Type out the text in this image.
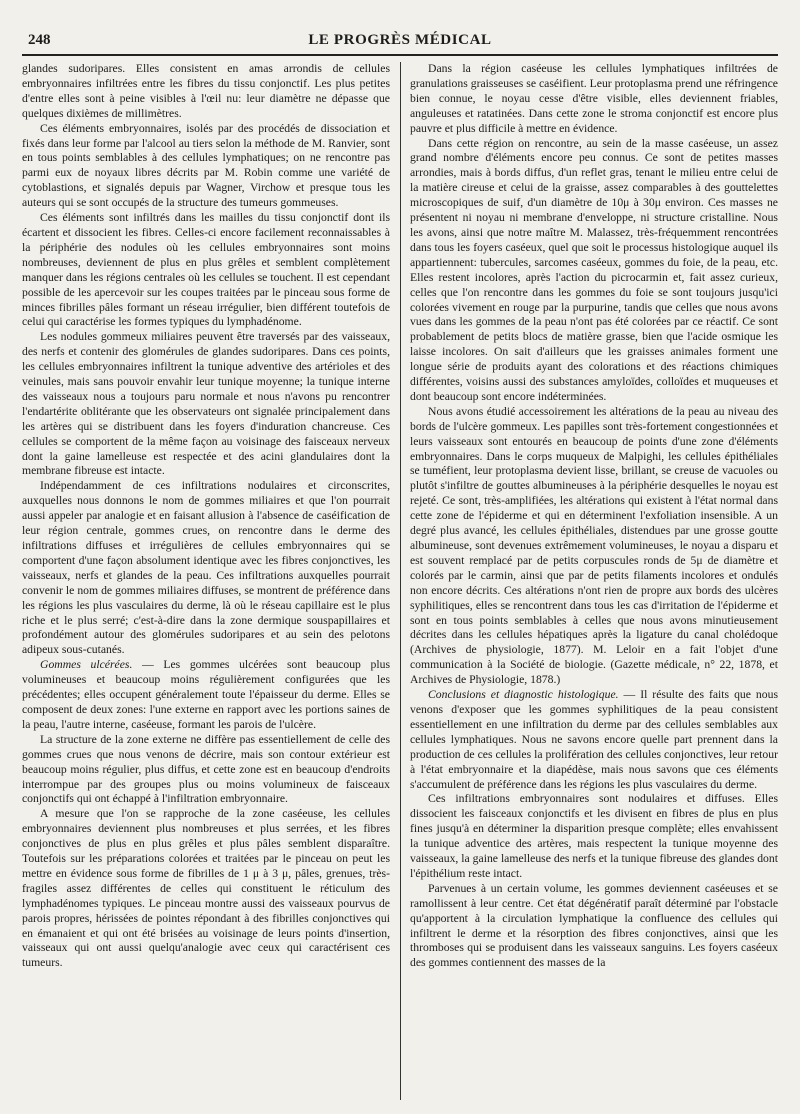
248	LE PROGRÈS MÉDICAL

glandes sudoripares. Elles consistent en amas arrondis de cellules embryonnaires infiltrées entre les fibres du tissu conjonctif. Les plus petites d'entre elles sont à peine visibles à l'œil nu: leur diamètre ne dépasse que quelques dixièmes de millimètres.

Ces éléments embryonnaires, isolés par des procédés de dissociation et fixés dans leur forme par l'alcool au tiers selon la méthode de M. Ranvier, sont en tous points semblables à des cellules lymphatiques; on ne rencontre pas parmi eux de noyaux libres décrits par M. Robin comme une variété de cytoblastions, et signalés depuis par Wagner, Virchow et presque tous les auteurs qui se sont occupés de la structure des tumeurs gommeuses.

Ces éléments sont infiltrés dans les mailles du tissu conjonctif dont ils écartent et dissocient les fibres. Celles-ci encore facilement reconnaissables à la périphérie des nodules où les cellules embryonnaires sont moins nombreuses, deviennent de plus en plus grêles et semblent complètement manquer dans les régions centrales où les cellules se touchent. Il est cependant possible de les apercevoir sur les coupes traitées par le pinceau sous forme de minces fibrilles pâles formant un réseau irrégulier, bien différent toutefois de celui qui caractérise les formes typiques du lymphadénome.

Les nodules gommeux miliaires peuvent être traversés par des vaisseaux, des nerfs et contenir des glomérules de glandes sudoripares. Dans ces points, les cellules embryonnaires infiltrent la tunique adventive des artérioles et des veinules, mais sans pouvoir envahir leur tunique moyenne; la tunique interne des vaisseaux nous a toujours paru normale et nous n'avons pu rencontrer l'endartérite oblitérante que les observateurs ont signalée principalement dans les artères qui se distribuent dans les foyers d'induration chancreuse. Ces cellules se comportent de la même façon au voisinage des faisceaux nerveux dont la gaine lamelleuse est respectée et des acini glandulaires dont la membrane fibreuse est intacte.

Indépendamment de ces infiltrations nodulaires et circonscrites, auxquelles nous donnons le nom de gommes miliaires et que l'on pourrait aussi appeler par analogie et en faisant allusion à l'absence de caséification de leur région centrale, gommes crues, on rencontre dans le derme des infiltrations diffuses et irrégulières de cellules embryonnaires qui se comportent d'une façon absolument identique avec les fibres conjonctives, les vaisseaux, nerfs et glandes de la peau. Ces infiltrations auxquelles pourrait convenir le nom de gommes miliaires diffuses, se montrent de préférence dans les régions les plus vasculaires du derme, là où le réseau capillaire est le plus riche et le plus serré; c'est-à-dire dans la zone dermique souspapillaires et profondément autour des glomérules sudoripares et au sein des pelotons adipeux sous-cutanés.

Gommes ulcérées. — Les gommes ulcérées sont beaucoup plus volumineuses et beaucoup moins régulièrement configurées que les précédentes; elles occupent généralement toute l'épaisseur du derme. Elles se composent de deux zones: l'une externe en rapport avec les portions saines de la peau, l'autre interne, caséeuse, formant les parois de l'ulcère.

La structure de la zone externe ne diffère pas essentiellement de celle des gommes crues que nous venons de décrire, mais son contour extérieur est beaucoup moins régulier, plus diffus, et cette zone est en beaucoup d'endroits interrompue par des groupes plus ou moins volumineux de faisceaux conjonctifs qui ont échappé à l'infiltration embryonnaire.

A mesure que l'on se rapproche de la zone caséeuse, les cellules embryonnaires deviennent plus nombreuses et plus serrées, et les fibres conjonctives de plus en plus grêles et plus pâles semblent disparaître. Toutefois sur les préparations colorées et traitées par le pinceau on peut les mettre en évidence sous forme de fibrilles de 1 μ à 3 μ, pâles, grenues, très-fragiles assez différentes de celles qui constituent le réticulum des lymphadénomes typiques. Le pinceau montre aussi des vaisseaux pourvus de parois propres, hérissées de pointes répondant à des fibrilles conjonctives qui en émanaient et qui ont été brisées au voisinage de leurs points d'insertion, vaisseaux qui ont aussi quelqu'analogie avec ceux qui caractérisent ces tumeurs.

Dans la région caséeuse les cellules lymphatiques infiltrées de granulations graisseuses se caséifient. Leur protoplasma prend une réfringence bien connue, le noyau cesse d'être visible, elles deviennent friables, anguleuses et ratatinées. Dans cette zone le stroma conjonctif est encore plus pauvre et plus difficile à mettre en évidence.

Dans cette région on rencontre, au sein de la masse caséeuse, un assez grand nombre d'éléments encore peu connus. Ce sont de petites masses arrondies, mais à bords diffus, d'un reflet gras, tenant le milieu entre celui de la matière cireuse et celui de la graisse, assez comparables à des gouttelettes microscopiques de suif, d'un diamètre de 10μ à 30μ environ. Ces masses ne présentent ni noyau ni membrane d'enveloppe, ni structure cristalline. Nous les avons, ainsi que notre maître M. Malassez, très-fréquemment rencontrées dans tous les foyers caséeux, quel que soit le processus histologique auquel ils appartiennent: tubercules, sarcomes caséeux, gommes du foie, de la peau, etc. Elles restent incolores, après l'action du picrocarmin et, fait assez curieux, celles que l'on rencontre dans les gommes du foie se sont toujours jusqu'ici colorées vivement en rouge par la purpurine, tandis que celles que nous avons vues dans les gommes de la peau n'ont pas été colorées par ce réactif. Ce sont probablement de petits blocs de matière grasse, bien que l'acide osmique les laisse incolores. On sait d'ailleurs que les graisses animales forment une longue série de produits ayant des colorations et des réactions chimiques différentes, voisins aussi des substances amyloïdes, colloïdes et muqueuses et dont beaucoup sont encore indéterminées.

Nous avons étudié accessoirement les altérations de la peau au niveau des bords de l'ulcère gommeux. Les papilles sont très-fortement congestionnées et leurs vaisseaux sont entourés en beaucoup de points d'une zone d'éléments embryonnaires. Dans le corps muqueux de Malpighi, les cellules épithéliales se tuméfient, leur protoplasma devient lisse, brillant, se creuse de vacuoles ou plutôt s'infiltre de gouttes albumineuses à la périphérie desquelles le noyau est rejeté. Ce sont, très-amplifiées, les altérations qui existent à l'état normal dans cette zone de l'épiderme et qui en déterminent l'exfoliation insensible. A un degré plus avancé, les cellules épithéliales, distendues par une grosse goutte albumineuse, sont devenues extrêmement volumineuses, le noyau a disparu et est souvent remplacé par de petits corpuscules ronds de 5μ de diamètre et colorés par le carmin, ainsi que par de petits filaments incolores et ondulés non encore décrits. Ces altérations n'ont rien de propre aux bords des ulcères syphilitiques, elles se rencontrent dans tous les cas d'irritation de l'épiderme et sont en tous points semblables à celles que nous avons minutieusement décrites dans les cellules hépatiques après la ligature du canal cholédoque (Archives de physiologie, 1877). M. Leloir en a fait l'objet d'une communication à la Société de biologie. (Gazette médicale, n° 22, 1878, et Archives de Physiologie, 1878.)

Conclusions et diagnostic histologique. — Il résulte des faits que nous venons d'exposer que les gommes syphilitiques de la peau consistent essentiellement en une infiltration du derme par des cellules semblables aux cellules lymphatiques. Nous ne savons encore quelle part prennent dans la production de ces cellules la prolifération des cellules conjonctives, leur retour à l'état embryonnaire et la diapédèse, mais nous savons que ces éléments s'accumulent de préférence dans les régions les plus vasculaires du derme.

Ces infiltrations embryonnaires sont nodulaires et diffuses. Elles dissocient les faisceaux conjonctifs et les divisent en fibres de plus en plus fines jusqu'à en déterminer la disparition presque complète; elles envahissent la tunique adventice des artères, mais respectent la tunique moyenne des vaisseaux, la gaine lamelleuse des nerfs et la tunique fibreuse des glandes dont l'épithélium reste intact.

Parvenues à un certain volume, les gommes deviennent caséeuses et se ramollissent à leur centre. Cet état dégénératif paraît déterminé par l'obstacle qu'apportent à la circulation lymphatique la confluence des cellules qui infiltrent le derme et la résorption des fibres conjonctives, ainsi que les thromboses qui se produisent dans les vaisseaux sanguins. Les foyers caséeux des gommes contiennent des masses de la
